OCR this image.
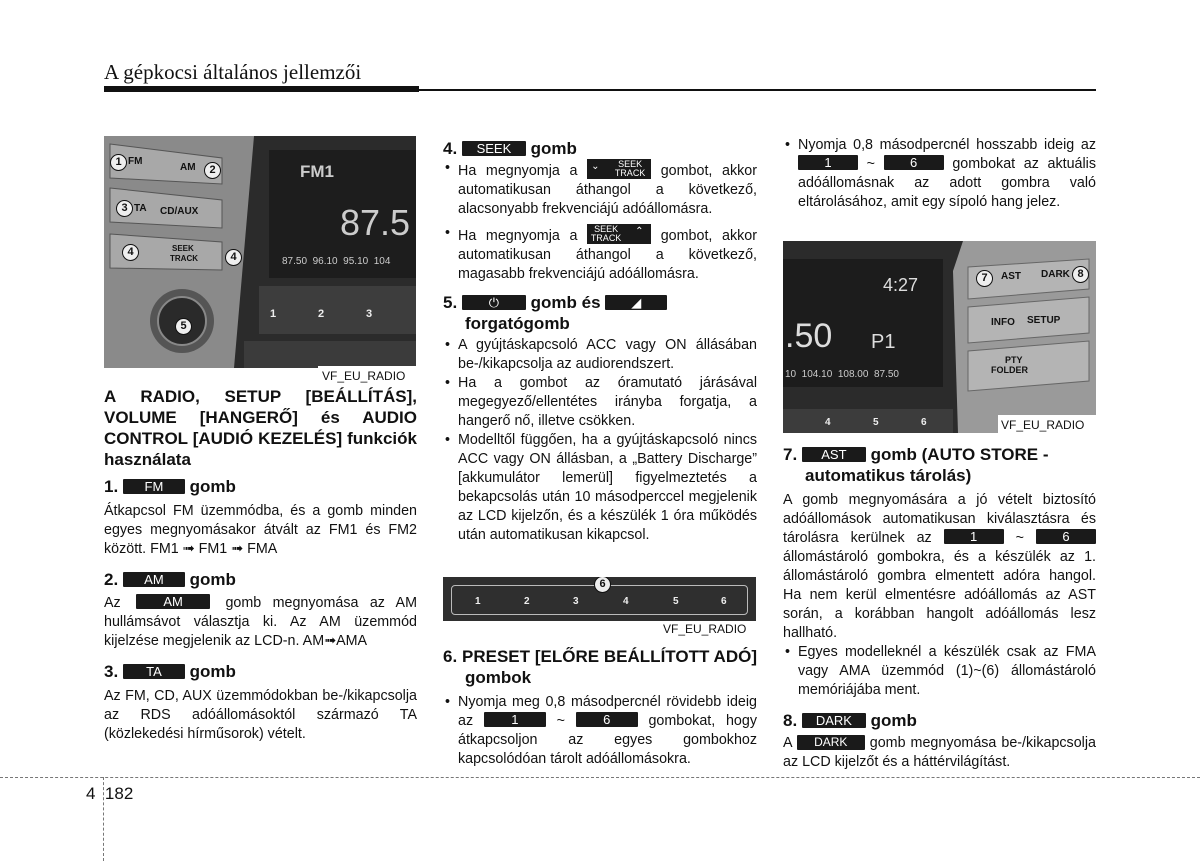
A gépkocsi általános jellemzői
FM
AM
TA CD/AUX
SEEK
TRACK
FM1
87.5
87.50  96.10  95.10  104
1	2	3
1
2
3
4	4
5
VF_EU_RADIO

A RADIO, SETUP [BEÁLLÍTÁS], VOLUME [HANGERŐ] és AUDIO CONTROL [AUDIÓ KEZELÉS] funkciók használata

1. FM gomb

Átkapcsol FM üzemmódba, és a gomb minden egyes megnyomásakor átvált az FM1 és FM2 között. FM1 ➟ FM1 ➟ FMA

2. AM gomb

Az	AM	gomb megnyomása az AM hullámsávot választja ki. Az AM üzemmód kijelzése megjelenik az LCD-n. AM➟AMA

3. TA gomb

Az FM, CD, AUX üzemmódokban be-/kikapcsolja az RDS adóállomásoktól származó TA (közlekedési hírműsorok) vételt.

4. SEEK gomb

• Ha megnyomja a ⌄	SEEK
TRACK gombot, akkor automatikusan áthangol a következő, alacsonyabb frekvenciájú adóállomásra.
• Ha megnyomja a	SEEK
TRACK
⌃ gombot, akkor automatikusan áthangol a következő, magasabb frekvenciájú adóállomásra.

5. ⏻ gomb és ◢
forgatógomb

• A gyújtáskapcsoló ACC vagy ON állásában be-/kikapcsolja az audiorendszert.
• Ha a gombot az óramutató járásával megegyező/ellentétes irányba forgatja, a hangerő nő, illetve csökken.
• Modelltől függően, ha a gyújtáskapcsoló nincs ACC vagy ON állásban, a „Battery Discharge” [akkumulátor lemerül] figyelmeztetés a bekapcsolás után 10 másodperccel megjelenik az LCD kijelzőn, és a készülék 1 óra működés után automatikusan kikapcsol.
1	2	3	4	5	6
6
VF_EU_RADIO

6. PRESET [ELŐRE BEÁLLÍTOTT ADÓ] gombok

• Nyomja meg 0,8 másodpercnél rövidebb ideig az	1	~	6	gombokat, hogy átkapcsoljon az egyes gombokhoz kapcsolódóan tárolt adóállomásokra.
• Nyomja 0,8 másodpercnél hosszabb ideig az 1 ~	6 gombokat az aktuális adóállomásnak az adott gombra való eltárolásához, amit egy sípoló hang jelez.
4:27
.50 P1
10  104.10  108.00  87.50
AST DARK
INFO SETUP
PTY
FOLDER
4	5	6
7	8
VF_EU_RADIO

7. AST gomb (AUTO STORE -
automatikus tárolás)

A gomb megnyomására a jó vételt biztosító adóállomások automatikusan kiválasztásra és tárolásra kerülnek az	1	~	6 állomástároló gombokra, és a készülék az 1. állomástároló gombra elmentett adóra hangol. Ha nem kerül elmentésre adóállomás az AST során, a korábban hangolt adóállomás lesz hallható.

• Egyes modelleknél a készülék csak az FMA vagy AMA üzemmód (1)~(6) állomástároló memóriájába ment.

8. DARK gomb

A DARK gomb megnyomása be-/kikapcsolja az LCD kijelzőt és a háttérvilágítást.

4 182
